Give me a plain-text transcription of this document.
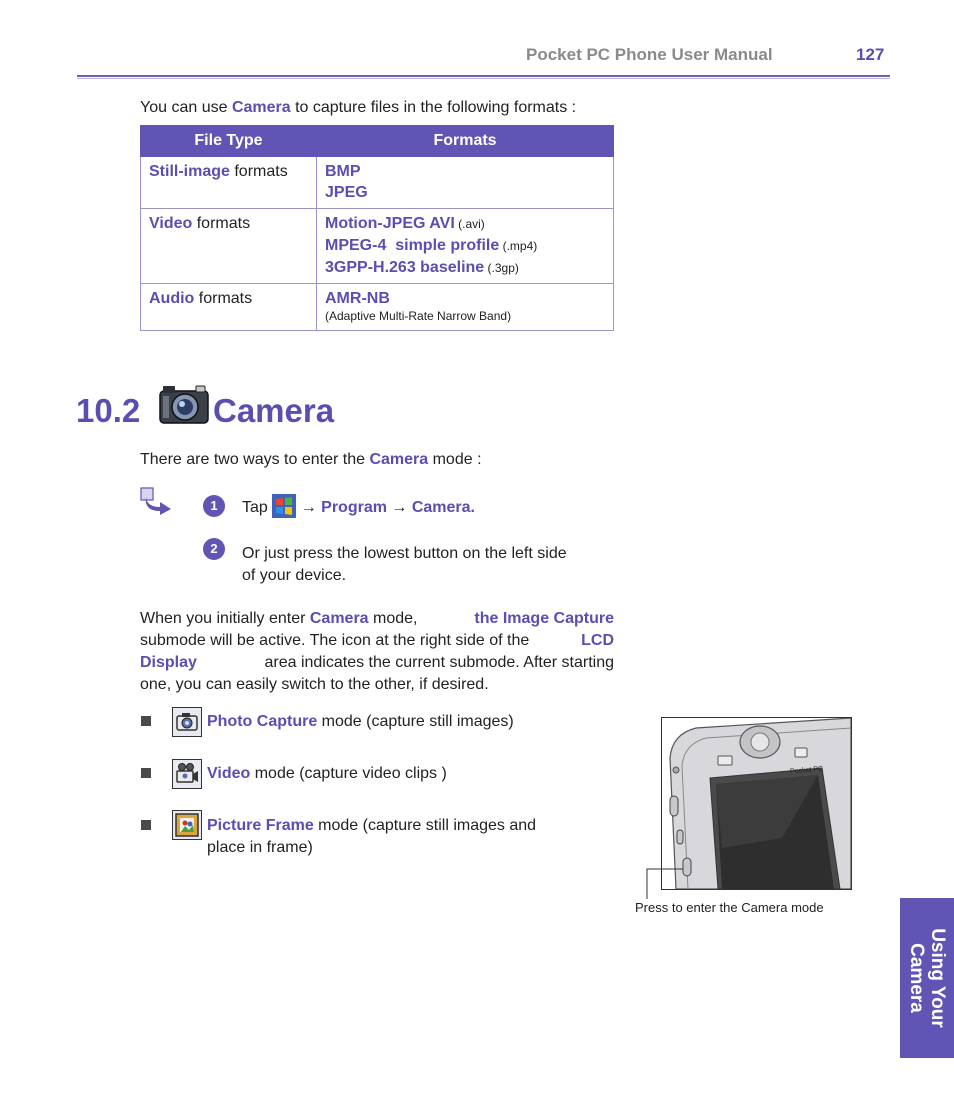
Pocket PC Phone User Manual	127
You can use Camera to capture files in the following formats :
File Type	Formats
Still-image formats	BMP
JPEG

Video formats	Motion-JPEG AVI (.avi)
MPEG-4  simple profile (.mp4)
3GPP-H.263 baseline (.3gp)

Audio formats	AMR-NB
(Adaptive Multi-Rate Narrow Band)
10.2 Camera
There are two ways to enter the Camera mode :
1	Tap  → Program → Camera.
2	Or just press the lowest button on the left side
of your device.
When you initially enter Camera mode,	the Image Capture
submode will be active. The icon at the right side of the	LCD
Display	area indicates the current submode. After starting
one, you can easily switch to the other, if desired.
Photo Capture mode (capture still images)
Video mode (capture video clips )
Picture Frame mode (capture still images and
place in frame)
Pocket PC
Press to enter the Camera mode
Using Your
Camera
